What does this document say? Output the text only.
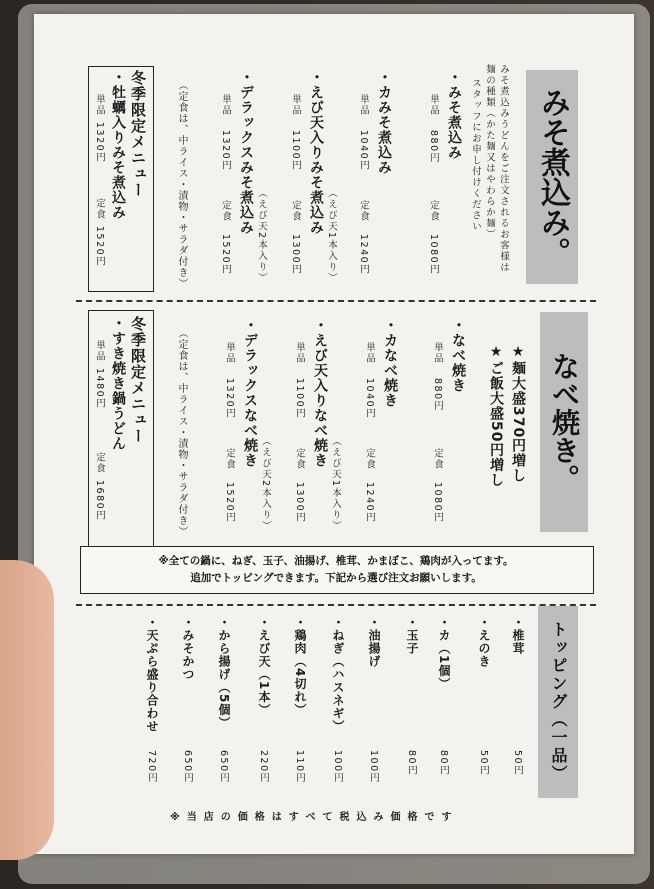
みそ煮込み。
みそ煮込みうどんをご注文されるお客様は
麺の種類（かた麺又はやわらか麺）
スタッフにお申し付けください
・みそ煮込み
単品
880円
定食
1080円
・カみそ煮込み
単品
1040円
定食
1240円
（えび天1本入り）
・えび天入りみそ煮込み
単品
1100円
定食
1300円
（えび天2本入り）
・デラックスみそ煮込み
単品
1320円
定食
1520円
（定食は、中ライス・漬物・サラダ付き）
冬季限定メニュー
・牡蠣入りみそ煮込み
単品
1320円
定食
1520円
なべ焼き。
★麺大盛370円増し
★ご飯大盛50円増し
・なべ焼き
単品
880円
定食
1080円
・カなべ焼き
単品
1040円
定食
1240円
（えび天1本入り）
・えび天入りなべ焼き
単品
1100円
定食
1300円
（えび天2本入り）
・デラックスなべ焼き
単品
1320円
定食
1520円
（定食は、中ライス・漬物・サラダ付き）
冬季限定メニュー
・すき焼き鍋うどん
単品
1480円
定食
1680円
※全ての鍋に、ねぎ、玉子、油揚げ、椎茸、かまぼこ、鶏肉が入ってます。
追加でトッピングできます。下記から選び注文お願いします。
トッピング（一品）
・椎茸
50円
・えのき
50円
・カ（1個）
80円
・玉子
80円
・油揚げ
100円
・ねぎ（ハスネギ）
100円
・鶏肉（4切れ）
110円
・えび天（1本）
220円
・から揚げ（5個）
650円
・みそかつ
650円
・天ぷら盛り合わせ
720円
※当店の価格はすべて税込み価格です
